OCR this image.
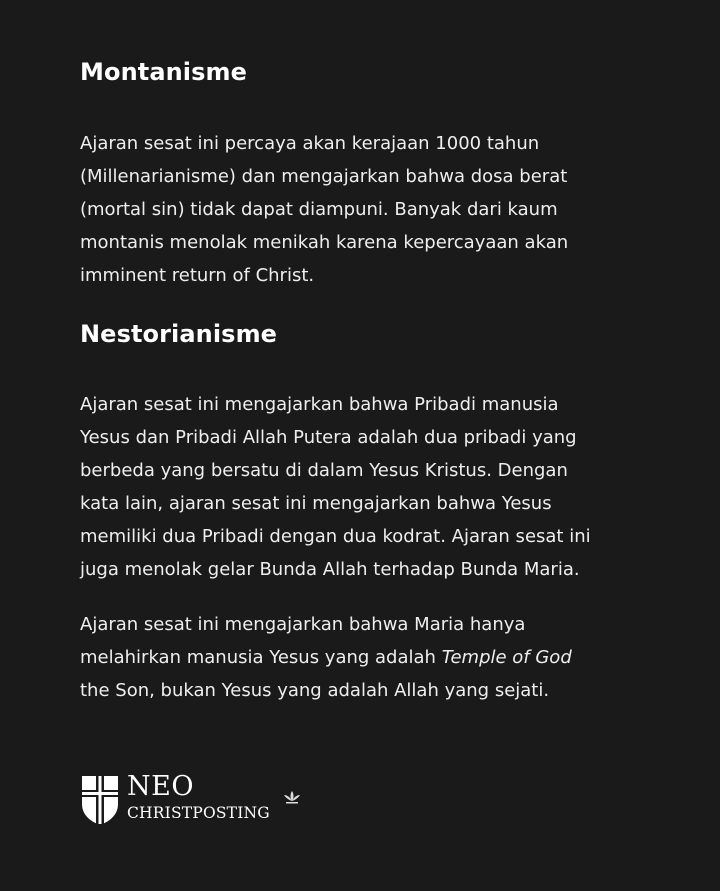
Montanisme

Ajaran sesat ini percaya akan kerajaan 1000 tahun
(Millenarianisme) dan mengajarkan bahwa dosa berat
(mortal sin) tidak dapat diampuni. Banyak dari kaum
montanis menolak menikah karena kepercayaan akan
imminent return of Christ.

Nestorianisme

Ajaran sesat ini mengajarkan bahwa Pribadi manusia
Yesus dan Pribadi Allah Putera adalah dua pribadi yang
berbeda yang bersatu di dalam Yesus Kristus. Dengan
kata lain, ajaran sesat ini mengajarkan bahwa Yesus
memiliki dua Pribadi dengan dua kodrat. Ajaran sesat ini
juga menolak gelar Bunda Allah terhadap Bunda Maria.

Ajaran sesat ini mengajarkan bahwa Maria hanya
melahirkan manusia Yesus yang adalah Temple of God
the Son, bukan Yesus yang adalah Allah yang sejati.

NEO
CHRISTPOSTING
